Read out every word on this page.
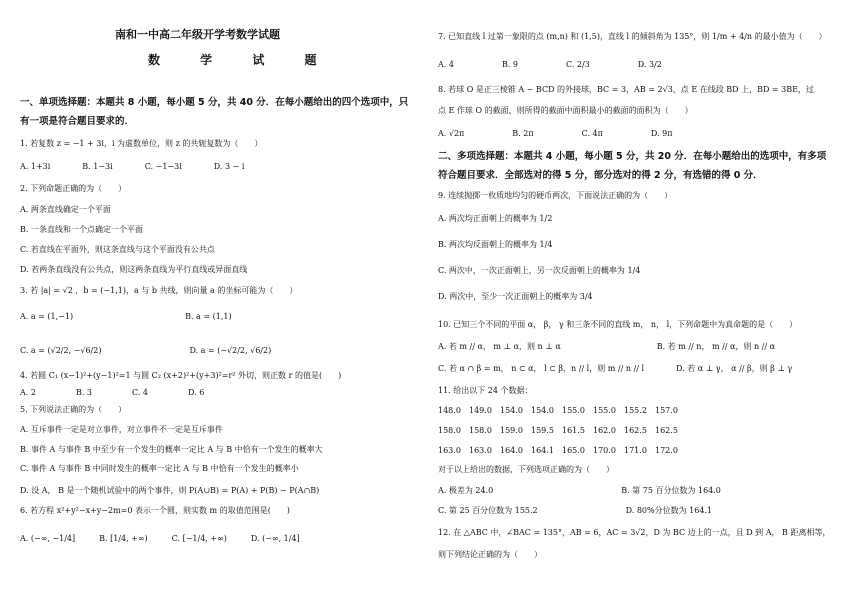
南和一中高二年级开学考数学试题
数 学 试 题
一、单项选择题：本题共 8 小题，每小题 5 分，共 40 分．在每小题给出的四个选项中，只
有一项是符合题目要求的．
1. 若复数 z = −1 + 3i，i 为虚数单位，则 z 的共轭复数为（　　）
A. 1+3i　　　　B. 1−3i　　　　C. −1−3i　　　　D. 3 − i
2. 下列命题正确的为（　　）
A. 两条直线确定一个平面
B. 一条直线和一个点确定一个平面
C. 若直线在平面外，则这条直线与这个平面没有公共点
D. 若两条直线没有公共点，则这两条直线为平行直线或异面直线
3. 若 |a| = √2 ，b = (−1,1)，a 与 b 共线，则向量 a 的坐标可能为（　　）
A. a = (1,−1)　　　　　　　　　　　　　　B. a = (1,1)
C. a = (√2/2, −√6/2)　　　　　　　　　　　D. a = (−√2/2, √6/2)
4. 若圆 C₁ (x−1)²+(y−1)²=1 与圆 C₂ (x+2)²+(y+3)²=r² 外切，则正数 r 的值是(　　)
A. 2　　　　　B. 3　　　　　C. 4　　　　　D. 6
5. 下列说法正确的为（　　）
A. 互斥事件一定是对立事件，对立事件不一定是互斥事件
B. 事件 A 与事件 B 中至少有一个发生的概率一定比 A 与 B 中恰有一个发生的概率大
C. 事件 A 与事件 B 中同时发生的概率一定比 A 与 B 中恰有一个发生的概率小
D. 设 A， B 是一个随机试验中的两个事件，则 P(A∪B) = P(A) + P(B) − P(A∩B)
6. 若方程 x²+y²−x+y−2m=0 表示一个圆，则实数 m 的取值范围是(　　)
A. (−∞, −1/4]　　　B. [1/4, +∞)　　　C. [−1/4, +∞)　　　D. (−∞, 1/4]
7. 已知直线 l 过第一象限的点 (m,n) 和 (1,5)，直线 l 的倾斜角为 135°，则 1/m + 4/n 的最小值为（　　）
A. 4　　　　　　B. 9　　　　　　C. 2/3　　　　　　D. 3/2
8. 若球 O 是正三棱锥 A − BCD 的外接球，BC = 3，AB = 2√3，点 E 在线段 BD 上，BD = 3BE，过
点 E 作球 O 的截面，则所得的截面中面积最小的截面的面积为（　　）
A. √2π　　　　　　B. 2π　　　　　　C. 4π　　　　　　D. 9π
二、多项选择题：本题共 4 小题，每小题 5 分，共 20 分．在每小题给出的选项中，有多项
符合题目要求．全部选对的得 5 分，部分选对的得 2 分，有选错的得 0 分．
9. 连续抛掷一枚质地均匀的硬币两次，下面说法正确的为（　　）
A. 两次均正面朝上的概率为 1/2
B. 两次均反面朝上的概率为 1/4
C. 两次中，一次正面朝上，另一次反面朝上的概率为 1/4
D. 两次中，至少一次正面朝上的概率为 3/4
10. 已知三个不同的平面 α， β， γ 和三条不同的直线 m， n， l，下列命题中为真命题的是（　　）
A. 若 m // α， m ⊥ α，则 n ⊥ α　　　　　　　　　　　　B. 若 m // n， m // α，则 n // α
C. 若 α ∩ β = m， n ⊂ α， l ⊂ β，n // l，则 m // n // l　　　　D. 若 α ⊥ γ， α // β，则 β ⊥ γ
11. 给出以下 24 个数据：
148.0 149.0 154.0 154.0 155.0 155.0 155.2 157.0
158.0 158.0 159.0 159.5 161.5 162.0 162.5 162.5
163.0 163.0 164.0 164.1 165.0 170.0 171.0 172.0
对于以上给出的数据，下列选项正确的为（　　）
A. 极差为 24.0　　　　　　　　　　　　　　　　B. 第 75 百分位数为 164.0
C. 第 25 百分位数为 155.2　　　　　　　　　　　D. 80%分位数为 164.1
12. 在 △ABC 中，∠BAC = 135°，AB = 6，AC = 3√2，D 为 BC 边上的一点，且 D 到 A， B 距离相等，
则下列结论正确的为（　　）
